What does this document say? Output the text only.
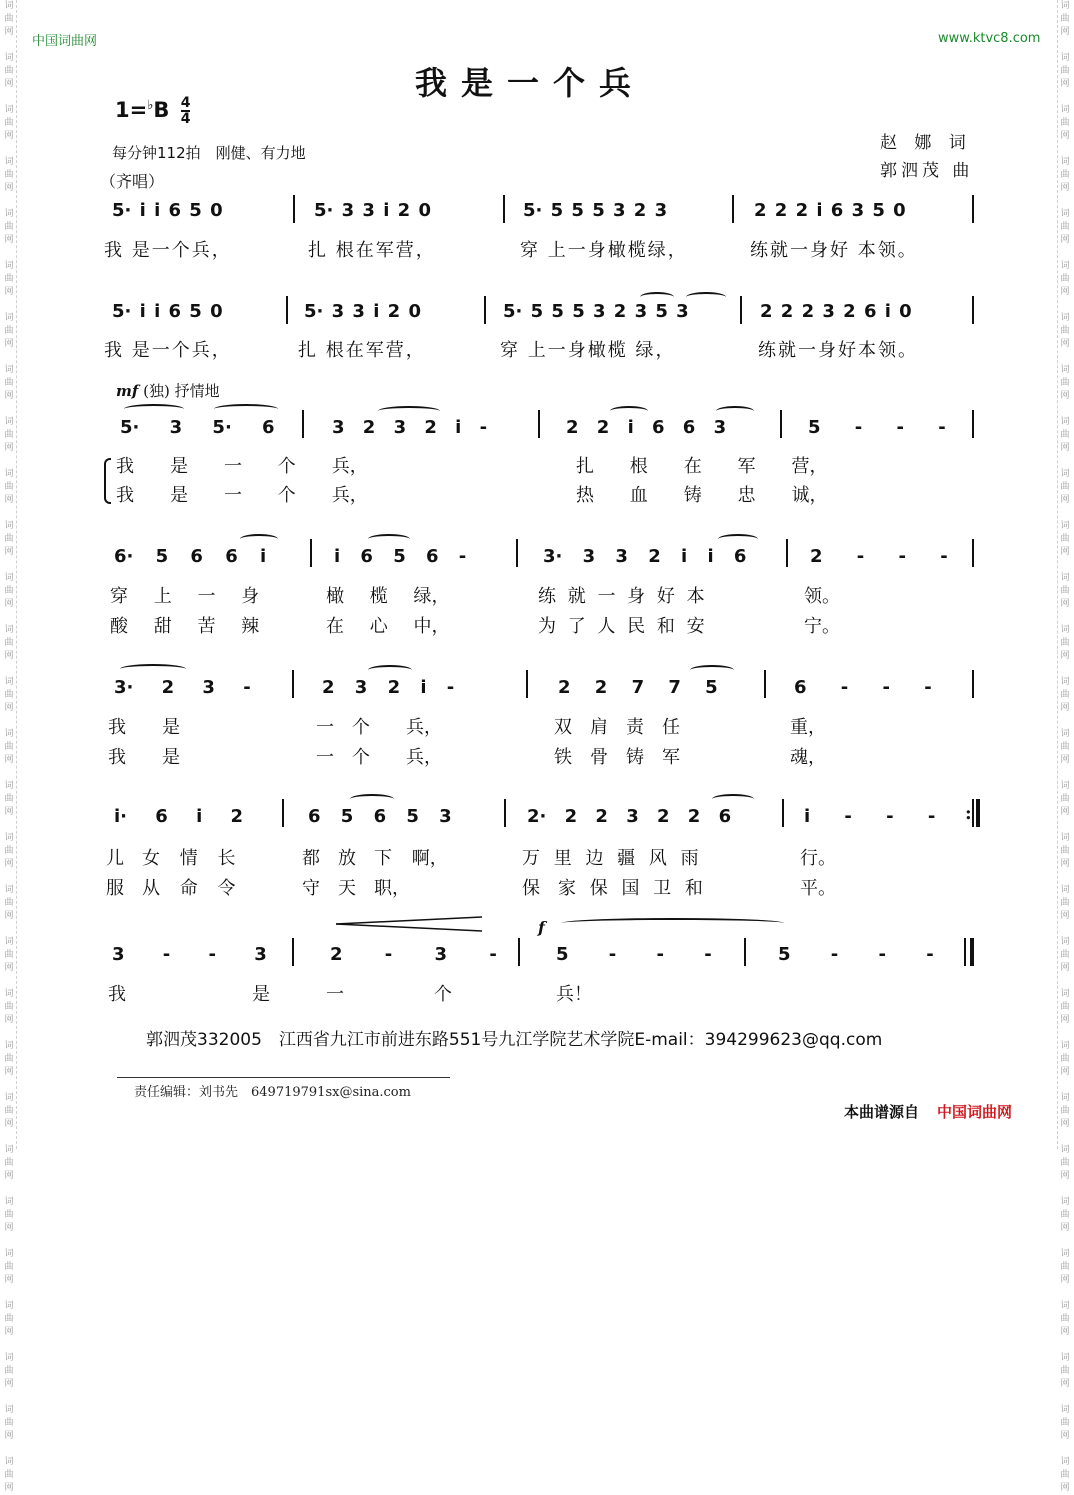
词
曲
网

词
曲
网

词
曲
网

词
曲
网

词
曲
网

词
曲
网

词
曲
网

词
曲
网

词
曲
网

词
曲
网

词
曲
网

词
曲
网

词
曲
网

词
曲
网

词
曲
网

词
曲
网

词
曲
网

词
曲
网

词
曲
网

词
曲
网

词
曲
网

词
曲
网

词
曲
网

词
曲
网

词
曲
网

词
曲
网

词
曲
网

词
曲
网

词
曲
网
词
曲
网

词
曲
网

词
曲
网

词
曲
网

词
曲
网

词
曲
网

词
曲
网

词
曲
网

词
曲
网

词
曲
网

词
曲
网

词
曲
网

词
曲
网

词
曲
网

词
曲
网

词
曲
网

词
曲
网

词
曲
网

词
曲
网

词
曲
网

词
曲
网

词
曲
网

词
曲
网

词
曲
网

词
曲
网

词
曲
网

词
曲
网

词
曲
网

词
曲
网
中国词曲网	www.ktvc8.com
我是一个兵
$1=^♭B \frac{4}{4}$
每分钟112拍　刚健、有力地
（齐唱）
赵 娜 词
郭泗茂 曲
5· i i 6 5 0	5· 3 3 i 2 0	5· 5 5 5 3 2 3	2 2 2 i 6 3 5 0
我 是一个兵，	扎 根在军营，	穿 上一身橄榄绿，	练就一身好 本领。
5· i i 6 5 0	5· 3 3 i 2 0	5· 5 5 5 3 2 3 5 3	2 2 2 3 2 6 i 0
我 是一个兵，	扎 根在军营，	穿 上一身橄榄 绿，	练就一身好本领。
mf (独) 抒情地
5· 3 5· 6	3 2 3 2 i -	2 2 i 6 6 3	5 - - -
我　　是　　一 个　　兵，	扎 根　　在 军　　营，
我　　是　　一 个　　兵，	热 血　　铸 忠　　诚，
6· 5 6 6 i	i 6 5 6 -	3· 3 3 2 i i 6	2 - - -
穿 上 一 身	橄 榄 绿，	练 就 一 身 好 本	领。
酸 甜 苦 辣	在 心 中，	为 了 人 民 和 安	宁。
3· 2 3 -	2 3 2 i -	2 2 7 7 5	6 - - -
我　　是	一　个　　兵，	双　肩　责　任	重，
我　　是	一　个　　兵，	铁　骨　铸　军	魂，
i· 6 i 2	6 5 6 5 3	2· 2 2 3 2 2 6	i - - - :
儿　女 情 长	都　放　下 啊，	万 里 边 疆 风 雨	行。
服　从 命 令	守　天　职，	保　家 保 国 卫 和	平。
f
3 - - 3	2 - 3 -	5 - - -	5 - - -
我　　　　　　　是	一　　　　　个	兵！
郭泗茂332005　江西省九江市前进东路551号九江学院艺术学院E-mail：394299623@qq.com
责任编辑：刘书先　649719791sx@sina.com
本曲谱源自 中国词曲网
